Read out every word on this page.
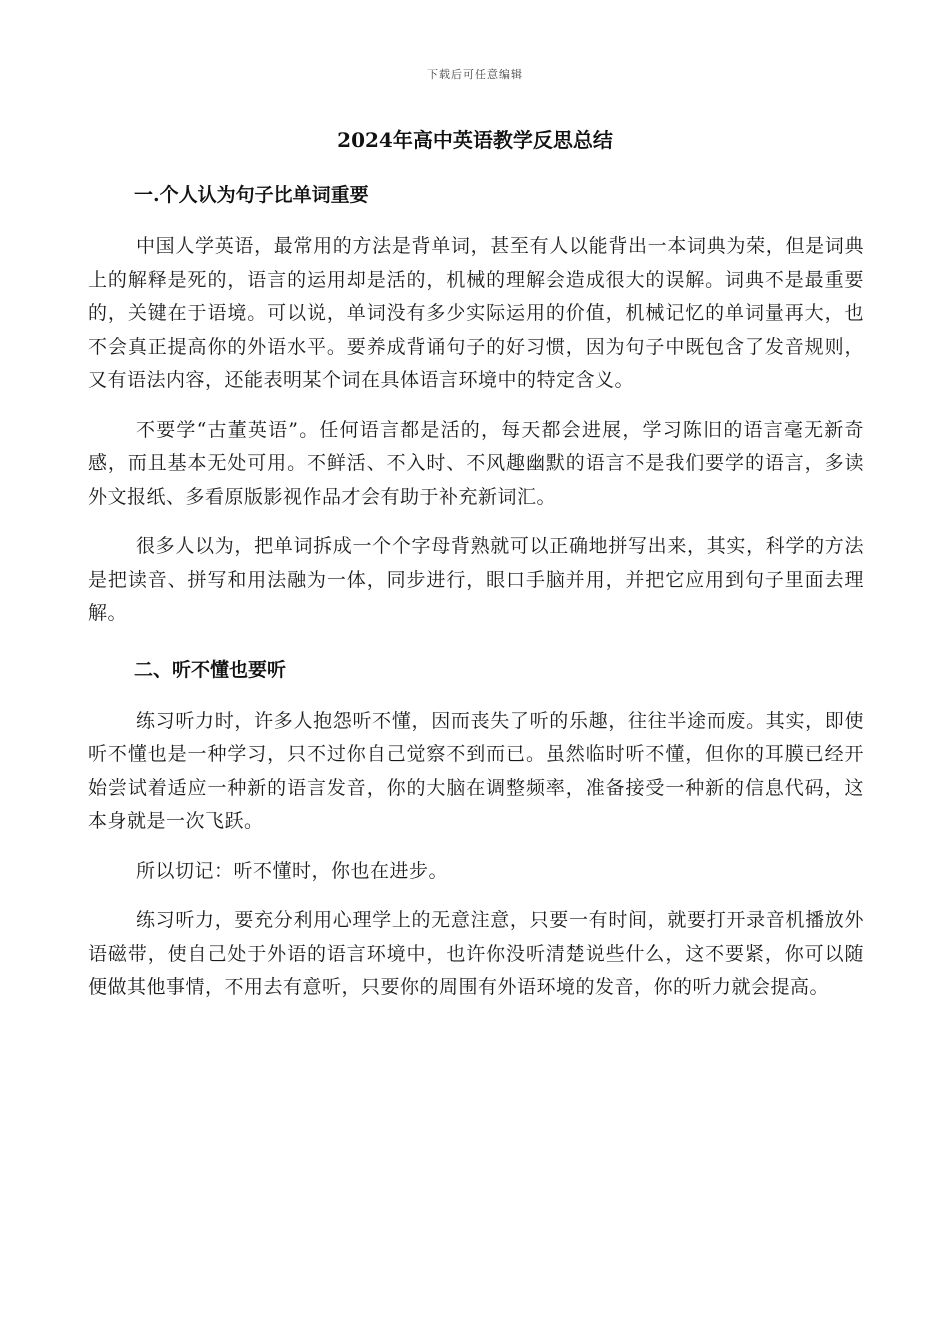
下载后可任意编辑
2024年高中英语教学反思总结
一.个人认为句子比单词重要

中国人学英语，最常用的方法是背单词，甚至有人以能背出一本词典为荣，但是词典上的解释是死的，语言的运用却是活的，机械的理解会造成很大的误解。词典不是最重要的，关键在于语境。可以说，单词没有多少实际运用的价值，机械记忆的单词量再大，也不会真正提高你的外语水平。要养成背诵句子的好习惯，因为句子中既包含了发音规则，又有语法内容，还能表明某个词在具体语言环境中的特定含义。

不要学“古董英语”。任何语言都是活的，每天都会进展，学习陈旧的语言毫无新奇感，而且基本无处可用。不鲜活、不入时、不风趣幽默的语言不是我们要学的语言，多读外文报纸、多看原版影视作品才会有助于补充新词汇。

很多人以为，把单词拆成一个个字母背熟就可以正确地拼写出来，其实，科学的方法是把读音、拼写和用法融为一体，同步进行，眼口手脑并用，并把它应用到句子里面去理解。

二、听不懂也要听

练习听力时，许多人抱怨听不懂，因而丧失了听的乐趣，往往半途而废。其实，即使听不懂也是一种学习，只不过你自己觉察不到而已。虽然临时听不懂，但你的耳膜已经开始尝试着适应一种新的语言发音，你的大脑在调整频率，准备接受一种新的信息代码，这本身就是一次飞跃。

所以切记：听不懂时，你也在进步。

练习听力，要充分利用心理学上的无意注意，只要一有时间，就要打开录音机播放外语磁带，使自己处于外语的语言环境中，也许你没听清楚说些什么，这不要紧，你可以随便做其他事情，不用去有意听，只要你的周围有外语环境的发音，你的听力就会提高。
